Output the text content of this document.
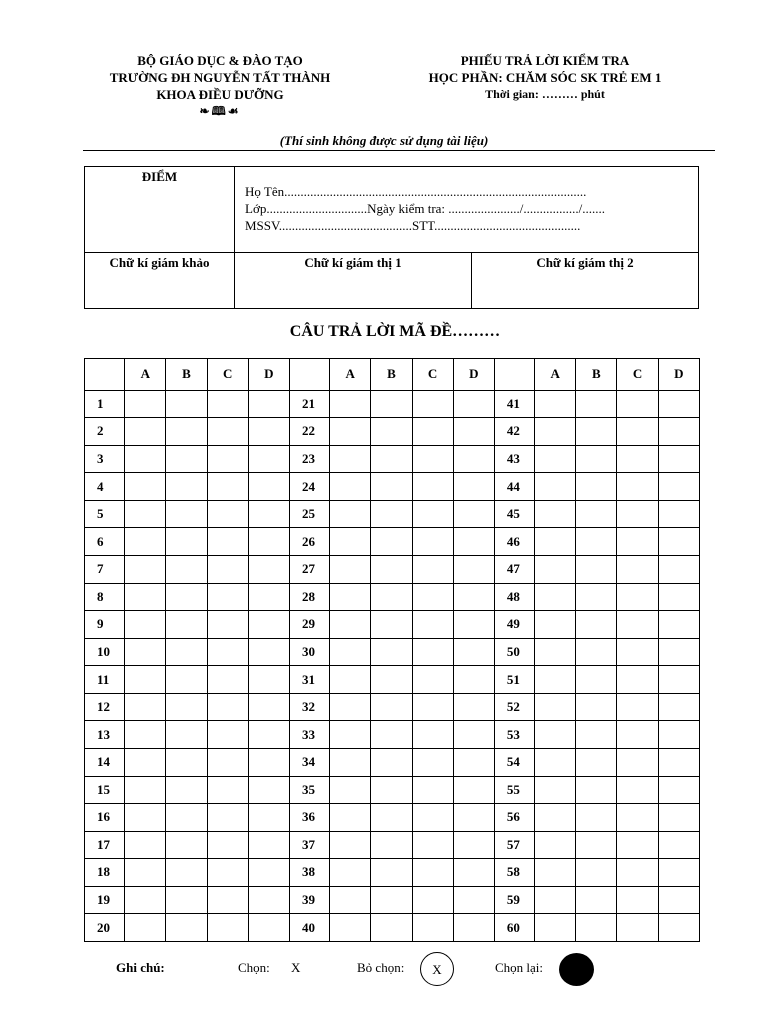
BỘ GIÁO DỤC & ĐÀO TẠO
TRƯỜNG ĐH NGUYỄN TẤT THÀNH
KHOA ĐIỀU DƯỠNG
❧🕮☙
PHIẾU TRẢ LỜI KIỂM TRA
HỌC PHẦN: CHĂM SÓC SK TRẺ EM 1
Thời gian: ……… phút
(Thí sinh không được sử dụng tài liệu)
ĐIỂM	Họ Tên.............................................................................................
Lớp...............................Ngày kiểm tra: ....................../................./.......
MSSV.........................................STT.............................................	

Chữ kí giám khảo	Chữ kí giám thị 1	Chữ kí giám thị 2
CÂU TRẢ LỜI MÃ ĐỀ………
	A	B	C	D		A	B	C	D		A	B	C	D
1					21					41				
2					22					42				
3					23					43				
4					24					44				
5					25					45				
6					26					46				
7					27					47				
8					28					48				
9					29					49				
10					30					50				
11					31					51				
12					32					52				
13					33					53				
14					34					54				
15					35					55				
16					36					56				
17					37					57				
18					38					58				
19					39					59				
20					40					60				
Ghi chú:	Chọn: X	Bỏ chọn:	X	Chọn lại:
